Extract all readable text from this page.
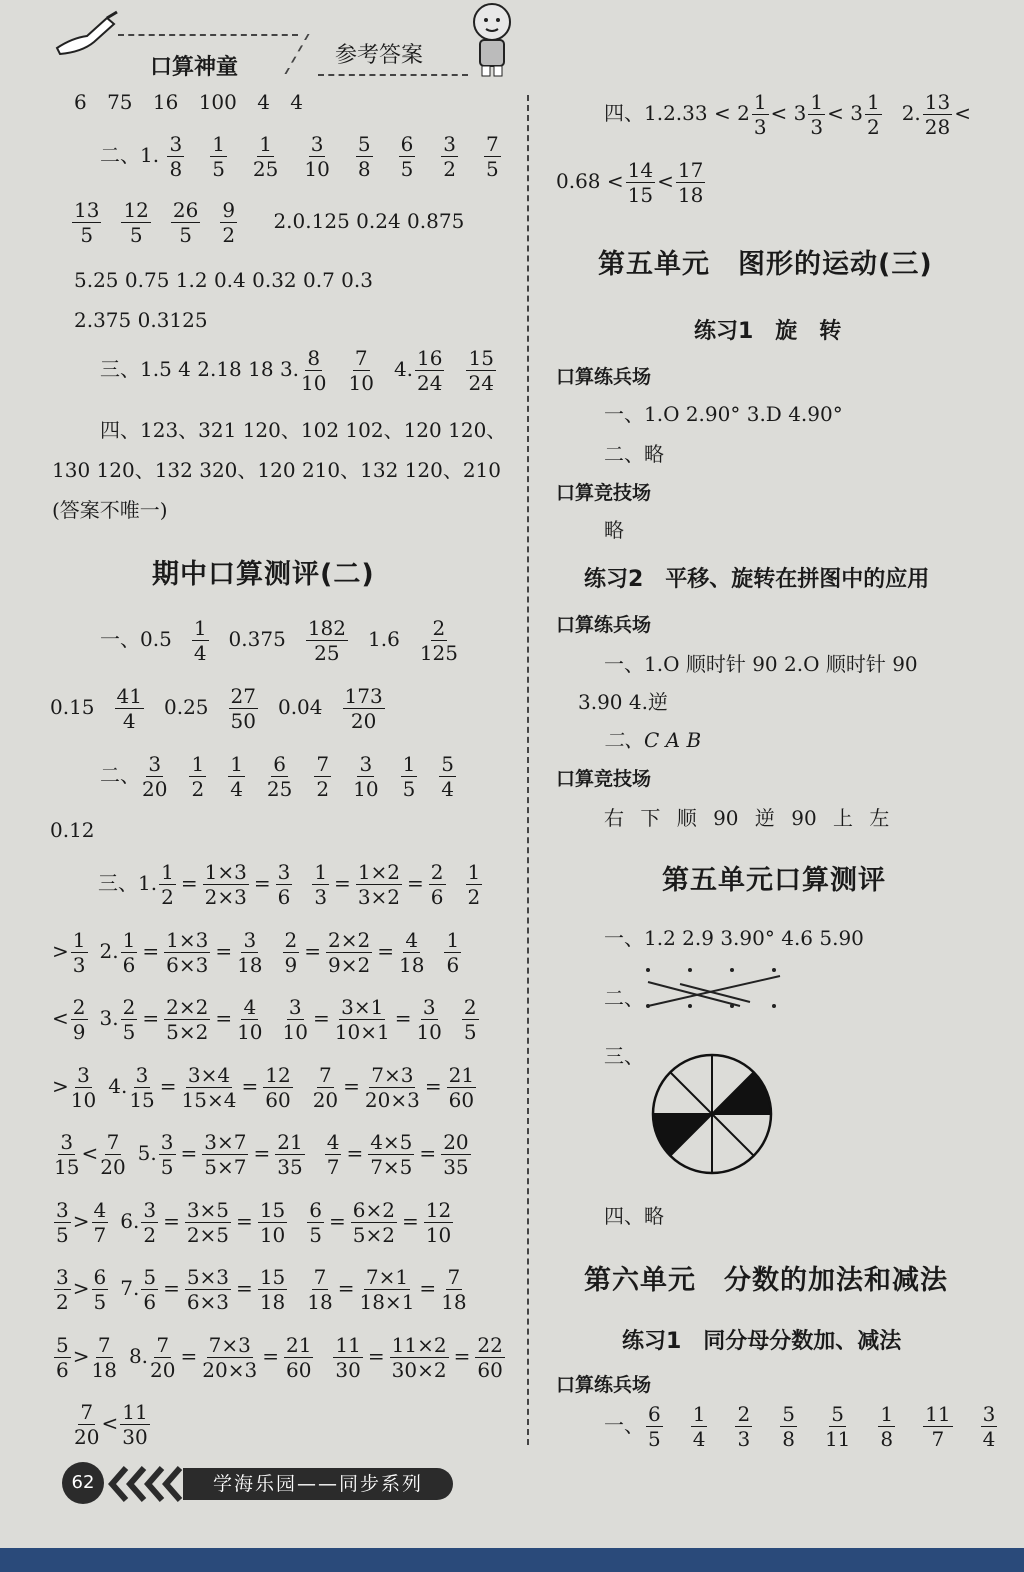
口算神童	参考答案
6 75 16 100 4 4
二、1. $\frac{3}{8} \frac{1}{5} \frac{1}{25} \frac{3}{10} \frac{5}{8} \frac{6}{5} \frac{3}{2} \frac{7}{5}$
$\frac{13}{5} \frac{12}{5} \frac{26}{5} \frac{9}{2} 2.0.125$ 0.24 0.875
5.25 0.75 1.2 0.4 0.32 0.7 0.3
2.375 0.3125
三、1.5 4 2.18 18 3. $\frac{8}{10} \frac{7}{10} 4$. $\frac{16}{24} \frac{15}{24}$
四、123、321 120、102 102、120 120、
130 120、132 320、120 210、132 120、210
(答案不唯一)
期中口算测评(二)
一、$0.5 \frac{1}{4} 0.375 \frac{182}{25} 1.6 \frac{2}{125}$
$0.15 \frac{41}{4} 0.25 \frac{27}{50} 0.04 \frac{173}{20}$
二、 $\frac{3}{20} \frac{1}{2} \frac{1}{4} \frac{6}{25} \frac{7}{2} \frac{3}{10} \frac{1}{5} \frac{5}{4}$
0.12
三、1. $\frac{1}{2} = \frac{1\times 3}{2\times 3} = \frac{3}{6} \frac{1}{3} = \frac{1\times 2}{3\times 2} = \frac{2}{6} \frac{1}{2}$
> $\frac{1}{3} 2$. $\frac{1}{6} = \frac{1\times 3}{6\times 3} = \frac{3}{18} \frac{2}{9} = \frac{2\times 2}{9\times 2} = \frac{4}{18} \frac{1}{6}$
< $\frac{2}{9} 3$. $\frac{2}{5} = \frac{2\times 2}{5\times 2} = \frac{4}{10} \frac{3}{10} = \frac{3\times 1}{10\times 1} = \frac{3}{10} \frac{2}{5}$
> $\frac{3}{10} 4$. $\frac{3}{15} = \frac{3\times 4}{15\times 4} = \frac{12}{60} \frac{7}{20} = \frac{7\times 3}{20\times 3} = \frac{21}{60}$
$\frac{3}{15} < \frac{7}{20} 5$. $\frac{3}{5} = \frac{3\times 7}{5\times 7} = \frac{21}{35} \frac{4}{7} = \frac{4\times 5}{7\times 5} = \frac{20}{35}$
$\frac{3}{5} > \frac{4}{7} 6$. $\frac{3}{2} = \frac{3\times 5}{2\times 5} = \frac{15}{10} \frac{6}{5} = \frac{6\times 2}{5\times 2} = \frac{12}{10}$
$\frac{3}{2} > \frac{6}{5} 7$. $\frac{5}{6} = \frac{5\times 3}{6\times 3} = \frac{15}{18} \frac{7}{18} = \frac{7\times 1}{18\times 1} = \frac{7}{18}$
$\frac{5}{6} > \frac{7}{18} 8$. $\frac{7}{20} = \frac{7\times 3}{20\times 3} = \frac{21}{60} \frac{11}{30} = \frac{11\times 2}{30\times 2} = \frac{22}{60}$
$\frac{7}{20} < \frac{11}{30}$
四、$1.2.33 < 2 \frac{1}{3} < 3 \frac{1}{3} < 3 \frac{1}{2} 2$. $\frac{13}{28}$ <
$0.68 < \frac{14}{15} < \frac{17}{18}$
第五单元　图形的运动(三)
练习1　旋　转
口算练兵场
一、1.O 2.90° 3.D 4.90°
二、略
口算竞技场
略
练习2　平移、旋转在拼图中的应用
口算练兵场
一、1.O 顺时针 90 2.O 顺时针 90
3.90 4.逆
二、C A B
口算竞技场
右 下 顺 90 逆 90 上 左
第五单元口算测评
一、1.2 2.9 3.90° 4.6 5.90
二、
三、
四、略
第六单元　分数的加法和减法
练习1　同分母分数加、减法
口算练兵场
一、 $\frac{6}{5} \frac{1}{4} \frac{2}{3} \frac{5}{8} \frac{5}{11} \frac{1}{8} \frac{11}{7} \frac{3}{4}$
62	学海乐园——同步系列
